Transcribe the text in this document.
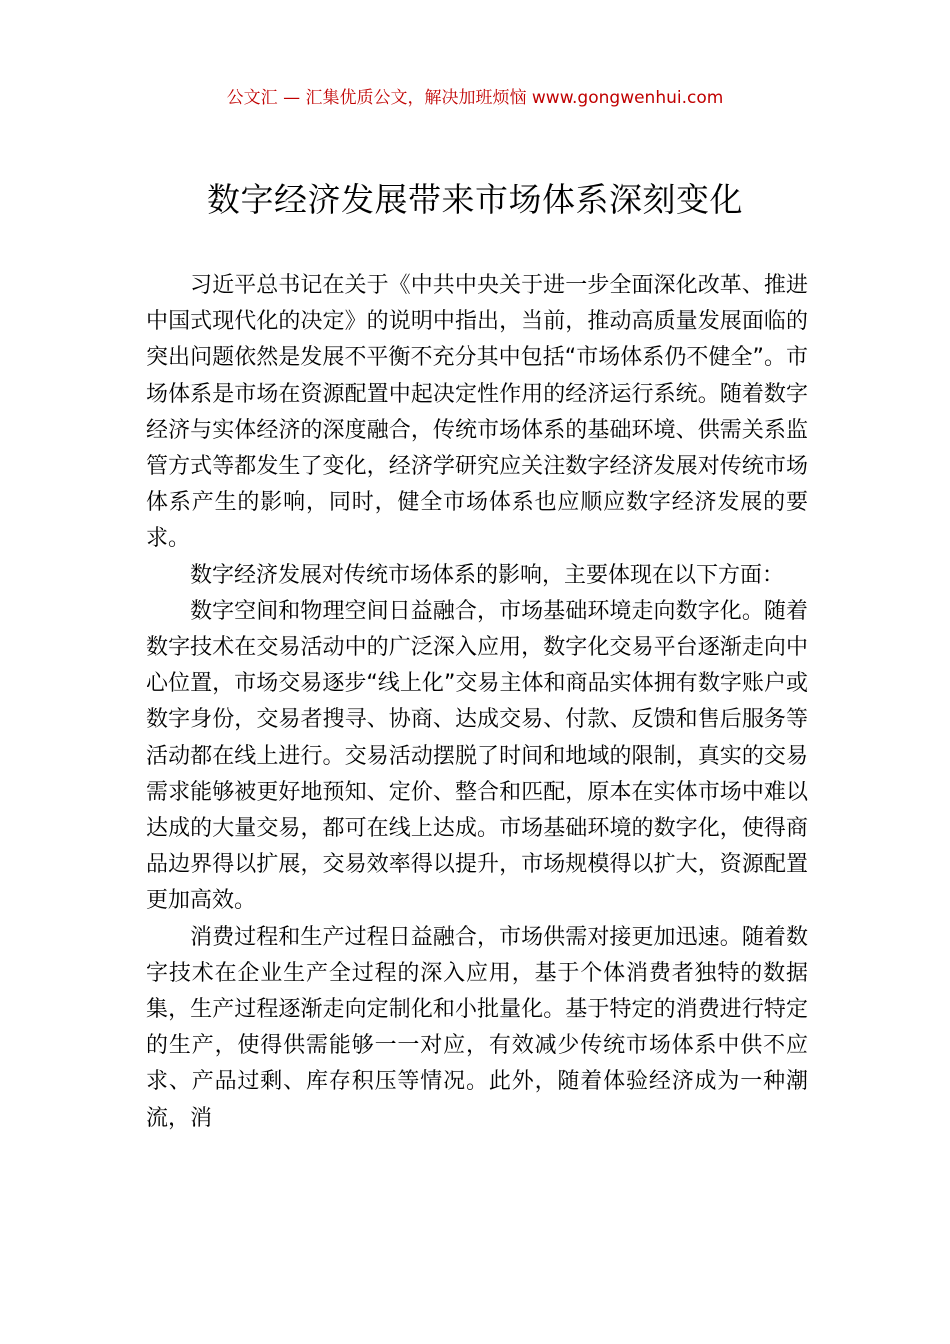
公文汇 — 汇集优质公文，解决加班烦恼 www.gongwenhui.com
数字经济发展带来市场体系深刻变化

习近平总书记在关于《中共中央关于进一步全面深化改革、推进中国式现代化的决定》的说明中指出，当前，推动高质量发展面临的突出问题依然是发展不平衡不充分其中包括“市场体系仍不健全”。市场体系是市场在资源配置中起决定性作用的经济运行系统。随着数字经济与实体经济的深度融合，传统市场体系的基础环境、供需关系监管方式等都发生了变化，经济学研究应关注数字经济发展对传统市场体系产生的影响，同时，健全市场体系也应顺应数字经济发展的要求。

数字经济发展对传统市场体系的影响，主要体现在以下方面：

数字空间和物理空间日益融合，市场基础环境走向数字化。随着数字技术在交易活动中的广泛深入应用，数字化交易平台逐渐走向中心位置，市场交易逐步“线上化”交易主体和商品实体拥有数字账户或数字身份，交易者搜寻、协商、达成交易、付款、反馈和售后服务等活动都在线上进行。交易活动摆脱了时间和地域的限制，真实的交易需求能够被更好地预知、定价、整合和匹配，原本在实体市场中难以达成的大量交易，都可在线上达成。市场基础环境的数字化，使得商品边界得以扩展，交易效率得以提升，市场规模得以扩大，资源配置更加高效。

消费过程和生产过程日益融合，市场供需对接更加迅速。随着数字技术在企业生产全过程的深入应用，基于个体消费者独特的数据集，生产过程逐渐走向定制化和小批量化。基于特定的消费进行特定的生产，使得供需能够一一对应，有效减少传统市场体系中供不应求、产品过剩、库存积压等情况。此外，随着体验经济成为一种潮流，消
